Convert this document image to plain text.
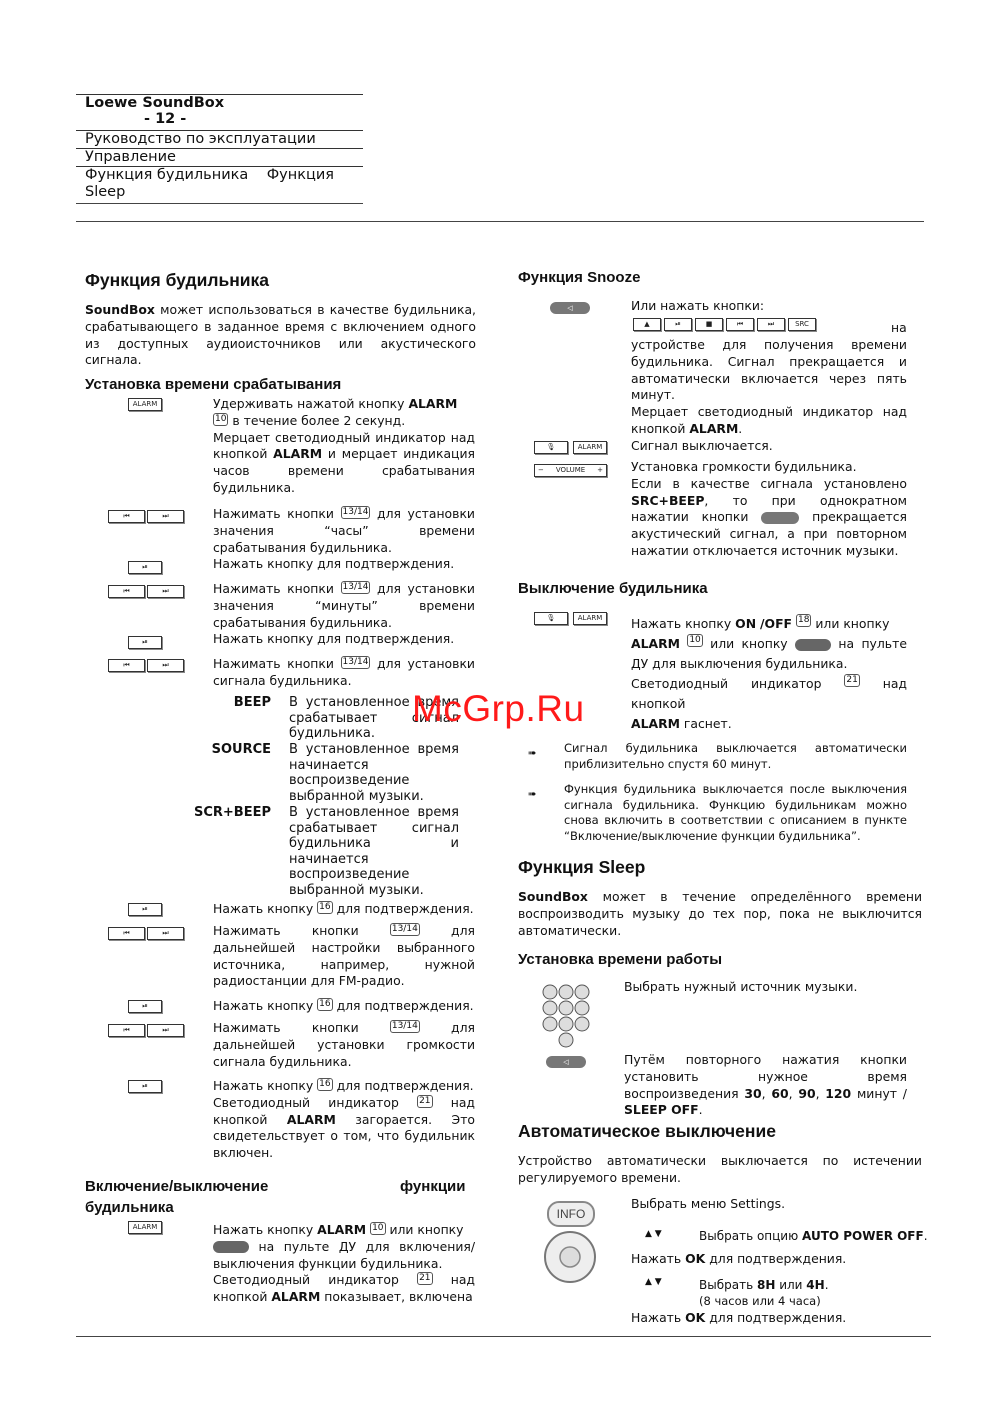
Loewe SoundBox
- 12 -
Руководство по эксплуатации
Управление
Функция будильника    Функция Sleep
Функция будильника
SoundBox может использоваться в качестве будильника, срабатывающего в заданное время с включением одного из доступных аудиоисточников или акустического сигнала.
Установка времени срабатывания
ALARM	Удерживать нажатой кнопку ALARM
10 в течение более 2 секунд.
Мерцает светодиодный индикатор над кнопкой ALARM и мерцает индикация часов времени срабатывания будильника.
⏮	⏭	Нажимать кнопки 13/14 для установки значения “часы” времени срабатывания будильника.
⏯	Нажать кнопку для подтверждения.
⏮	⏭	Нажимать кнопки 13/14 для установки значения “минуты” времени срабатывания будильника.
⏯	Нажать кнопку для подтверждения.
⏮	⏭	Нажимать кнопки 13/14 для установки сигнала будильника.
BEEP В установленное время срабатывает сигнал будильника.
SOURCE В установленное время начинается воспроизведение выбранной музыки.
SCR+BEEP В установленное время срабатывает сигнал будильника и начинается воспроизведение выбранной музыки.
⏯	Нажать кнопку 16 для подтверждения.
⏮	⏭	Нажимать кнопки	13/14 для дальнейшей настройки выбранного источника, например, нужной радиостанции для FM-радио.
⏯	Нажать кнопку 16 для подтверждения.
⏮	⏭	Нажимать кнопки	13/14 для дальнейшей установки громкости сигнала будильника.
⏯	Нажать кнопку 16 для подтверждения.
Светодиодный индикатор 21 над кнопкой ALARM загорается. Это свидетельствует о том, что будильник включен.
Включение/выключение	функции
будильника
ALARM	Нажать кнопку ALARM 10 или кнопку
на пульте ДУ для включения/ выключения функции будильника.
Светодиодный индикатор 21 над кнопкой ALARM показывает, включена
Функция Snooze
◁	Или нажать кнопки:
▲	⏯	■	⏮	⏭	SRC	на
устройстве для получения времени будильника. Сигнал прекращается и автоматически включается через пять минут.
Мерцает светодиодный индикатор над кнопкой ALARM.
🎙	ALARM	Сигнал выключается.
− VOLUME + Установка громкости будильника.
Если в качестве сигнала установлено SRC+BEEP, то при однократном нажатии кнопки	прекращается акустический сигнал, а при повторном нажатии отключается источник музыки.
Выключение будильника
🎙	ALARM	Нажать кнопку ON /OFF 18 или кнопку
ALARM 10 или кнопку	на пульте ДУ для выключения будильника.
Светодиодный индикатор	21 над кнопкой
ALARM гаснет.
➠ Сигнал будильника выключается автоматически приблизительно спустя 60 минут.
➠ Функция будильника выключается после выключения сигнала будильника. Функцию будильникам можно снова включить в соответствии с описанием в пункте “Включение/выключение функции будильника”.
Функция Sleep
SoundBox может в течение определённого времени воспроизводить музыку до тех пор, пока не выключится автоматически.
Установка времени работы
Выбрать нужный источник музыки.
◁	Путём повторного нажатия кнопки установить нужное время воспроизведения 30, 60, 90, 120 минут / SLEEP OFF.
Автоматическое выключение
Устройство автоматически выключается по истечении регулируемого времени.
INFO
Выбрать меню Settings.
▲ ▼	Выбрать опцию AUTO POWER OFF.
Нажать OK для подтверждения.
▲ ▼	Выбрать 8H или 4H.
(8 часов или 4 часа)
Нажать OK для подтверждения.
McGrp.Ru
